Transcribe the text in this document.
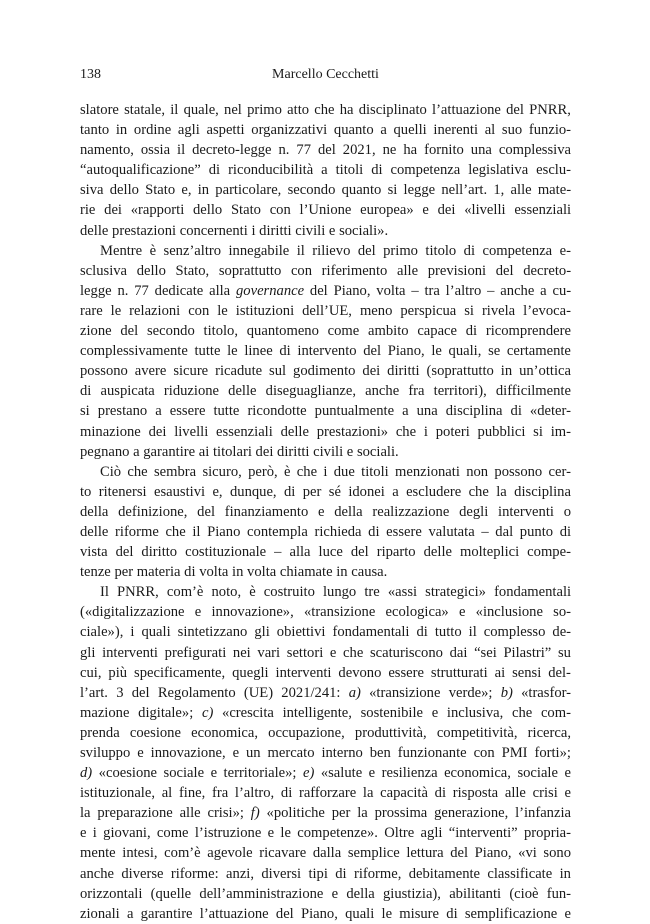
138	Marcello Cecchetti

slatore statale, il quale, nel primo atto che ha disciplinato l’attuazione del PNRR,
tanto in ordine agli aspetti organizzativi quanto a quelli inerenti al suo funzio-
namento, ossia il decreto-legge n. 77 del 2021, ne ha fornito una complessiva
“autoqualificazione” di riconducibilità a titoli di competenza legislativa esclu-
siva dello Stato e, in particolare, secondo quanto si legge nell’art. 1, alle mate-
rie dei «rapporti dello Stato con l’Unione europea» e dei «livelli essenziali
delle prestazioni concernenti i diritti civili e sociali».

Mentre è senz’altro innegabile il rilievo del primo titolo di competenza e-
sclusiva dello Stato, soprattutto con riferimento alle previsioni del decreto-
legge n. 77 dedicate alla governance del Piano, volta – tra l’altro – anche a cu-
rare le relazioni con le istituzioni dell’UE, meno perspicua si rivela l’evoca-
zione del secondo titolo, quantomeno come ambito capace di ricomprendere
complessivamente tutte le linee di intervento del Piano, le quali, se certamente
possono avere sicure ricadute sul godimento dei diritti (soprattutto in un’ottica
di auspicata riduzione delle diseguaglianze, anche fra territori), difficilmente
si prestano a essere tutte ricondotte puntualmente a una disciplina di «deter-
minazione dei livelli essenziali delle prestazioni» che i poteri pubblici si im-
pegnano a garantire ai titolari dei diritti civili e sociali.

Ciò che sembra sicuro, però, è che i due titoli menzionati non possono cer-
to ritenersi esaustivi e, dunque, di per sé idonei a escludere che la disciplina
della definizione, del finanziamento e della realizzazione degli interventi o
delle riforme che il Piano contempla richieda di essere valutata – dal punto di
vista del diritto costituzionale – alla luce del riparto delle molteplici compe-
tenze per materia di volta in volta chiamate in causa.

Il PNRR, com’è noto, è costruito lungo tre «assi strategici» fondamentali
(«digitalizzazione e innovazione», «transizione ecologica» e «inclusione so-
ciale»), i quali sintetizzano gli obiettivi fondamentali di tutto il complesso de-
gli interventi prefigurati nei vari settori e che scaturiscono dai “sei Pilastri” su
cui, più specificamente, quegli interventi devono essere strutturati ai sensi del-
l’art. 3 del Regolamento (UE) 2021/241: a) «transizione verde»; b) «trasfor-
mazione digitale»; c) «crescita intelligente, sostenibile e inclusiva, che com-
prenda coesione economica, occupazione, produttività, competitività, ricerca,
sviluppo e innovazione, e un mercato interno ben funzionante con PMI forti»;
d) «coesione sociale e territoriale»; e) «salute e resilienza economica, sociale e
istituzionale, al fine, fra l’altro, di rafforzare la capacità di risposta alle crisi e
la preparazione alle crisi»; f) «politiche per la prossima generazione, l’infanzia
e i giovani, come l’istruzione e le competenze». Oltre agli “interventi” propria-
mente intesi, com’è agevole ricavare dalla semplice lettura del Piano, «vi sono
anche diverse riforme: anzi, diversi tipi di riforme, debitamente classificate in
orizzontali (quelle dell’amministrazione e della giustizia), abilitanti (cioè fun-
zionali a garantire l’attuazione del Piano, quali le misure di semplificazione e
